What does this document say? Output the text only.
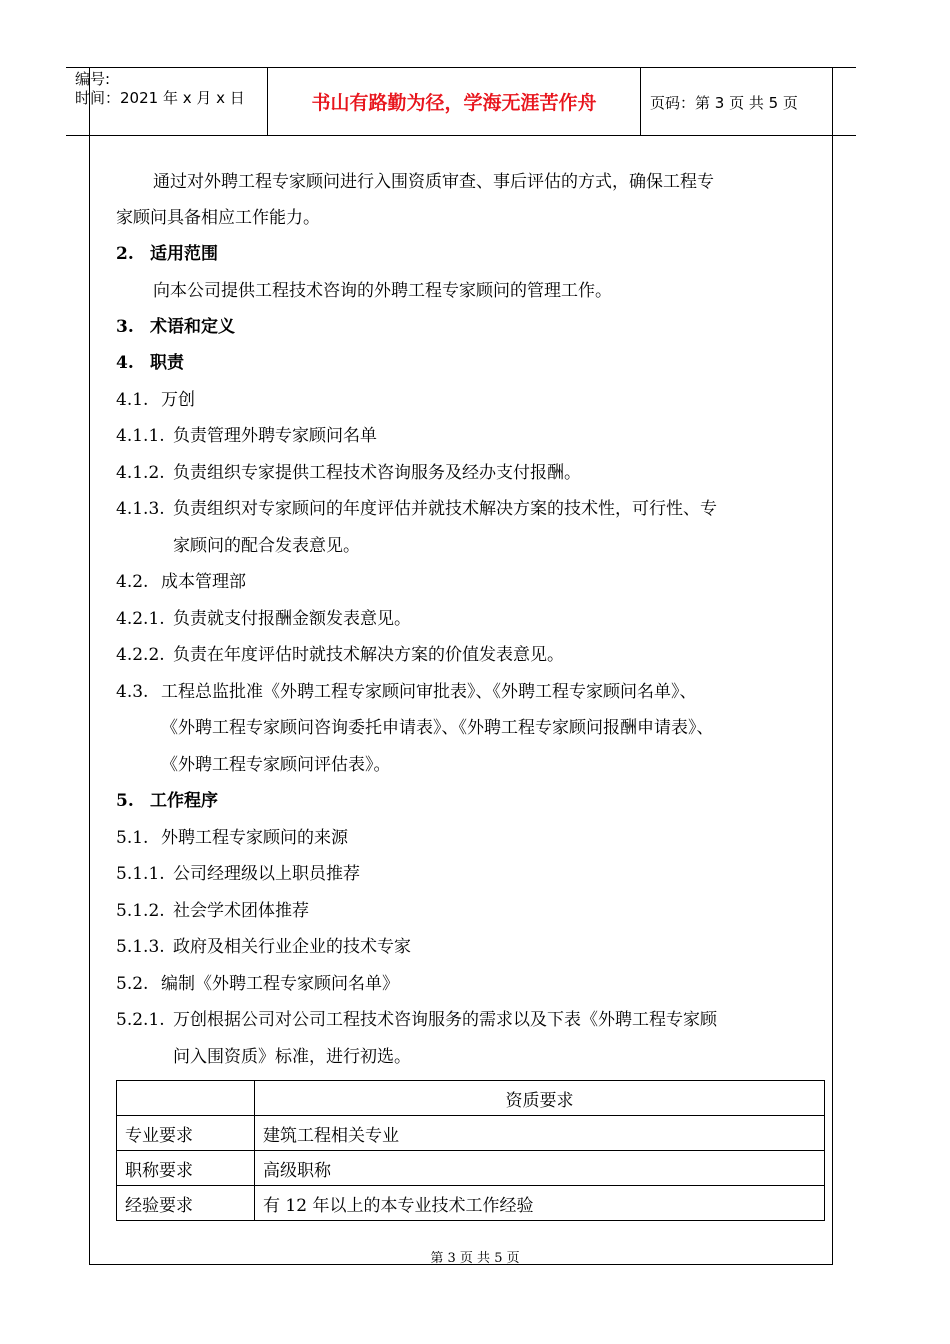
编号:
时间：2021 年 x 月 x 日	书山有路勤为径，学海无涯苦作舟	页码：第 3 页 共 5 页
通过对外聘工程专家顾问进行入围资质审查、事后评估的方式，确保工程专
家顾问具备相应工作能力。
2. 适用范围
向本公司提供工程技术咨询的外聘工程专家顾问的管理工作。
3. 术语和定义
4. 职责
4.1. 万创
4.1.1. 负责管理外聘专家顾问名单
4.1.2. 负责组织专家提供工程技术咨询服务及经办支付报酬。
4.1.3. 负责组织对专家顾问的年度评估并就技术解决方案的技术性，可行性、专
家顾问的配合发表意见。
4.2. 成本管理部
4.2.1. 负责就支付报酬金额发表意见。
4.2.2. 负责在年度评估时就技术解决方案的价值发表意见。
4.3. 工程总监批准《外聘工程专家顾问审批表》、《外聘工程专家顾问名单》、
《外聘工程专家顾问咨询委托申请表》、《外聘工程专家顾问报酬申请表》、
《外聘工程专家顾问评估表》。
5. 工作程序
5.1. 外聘工程专家顾问的来源
5.1.1. 公司经理级以上职员推荐
5.1.2. 社会学术团体推荐
5.1.3. 政府及相关行业企业的技术专家
5.2. 编制《外聘工程专家顾问名单》
5.2.1. 万创根据公司对公司工程技术咨询服务的需求以及下表《外聘工程专家顾
问入围资质》标准，进行初选。
	资质要求
专业要求	建筑工程相关专业
职称要求	高级职称
经验要求	有 12 年以上的本专业技术工作经验
第 3 页 共 5 页
